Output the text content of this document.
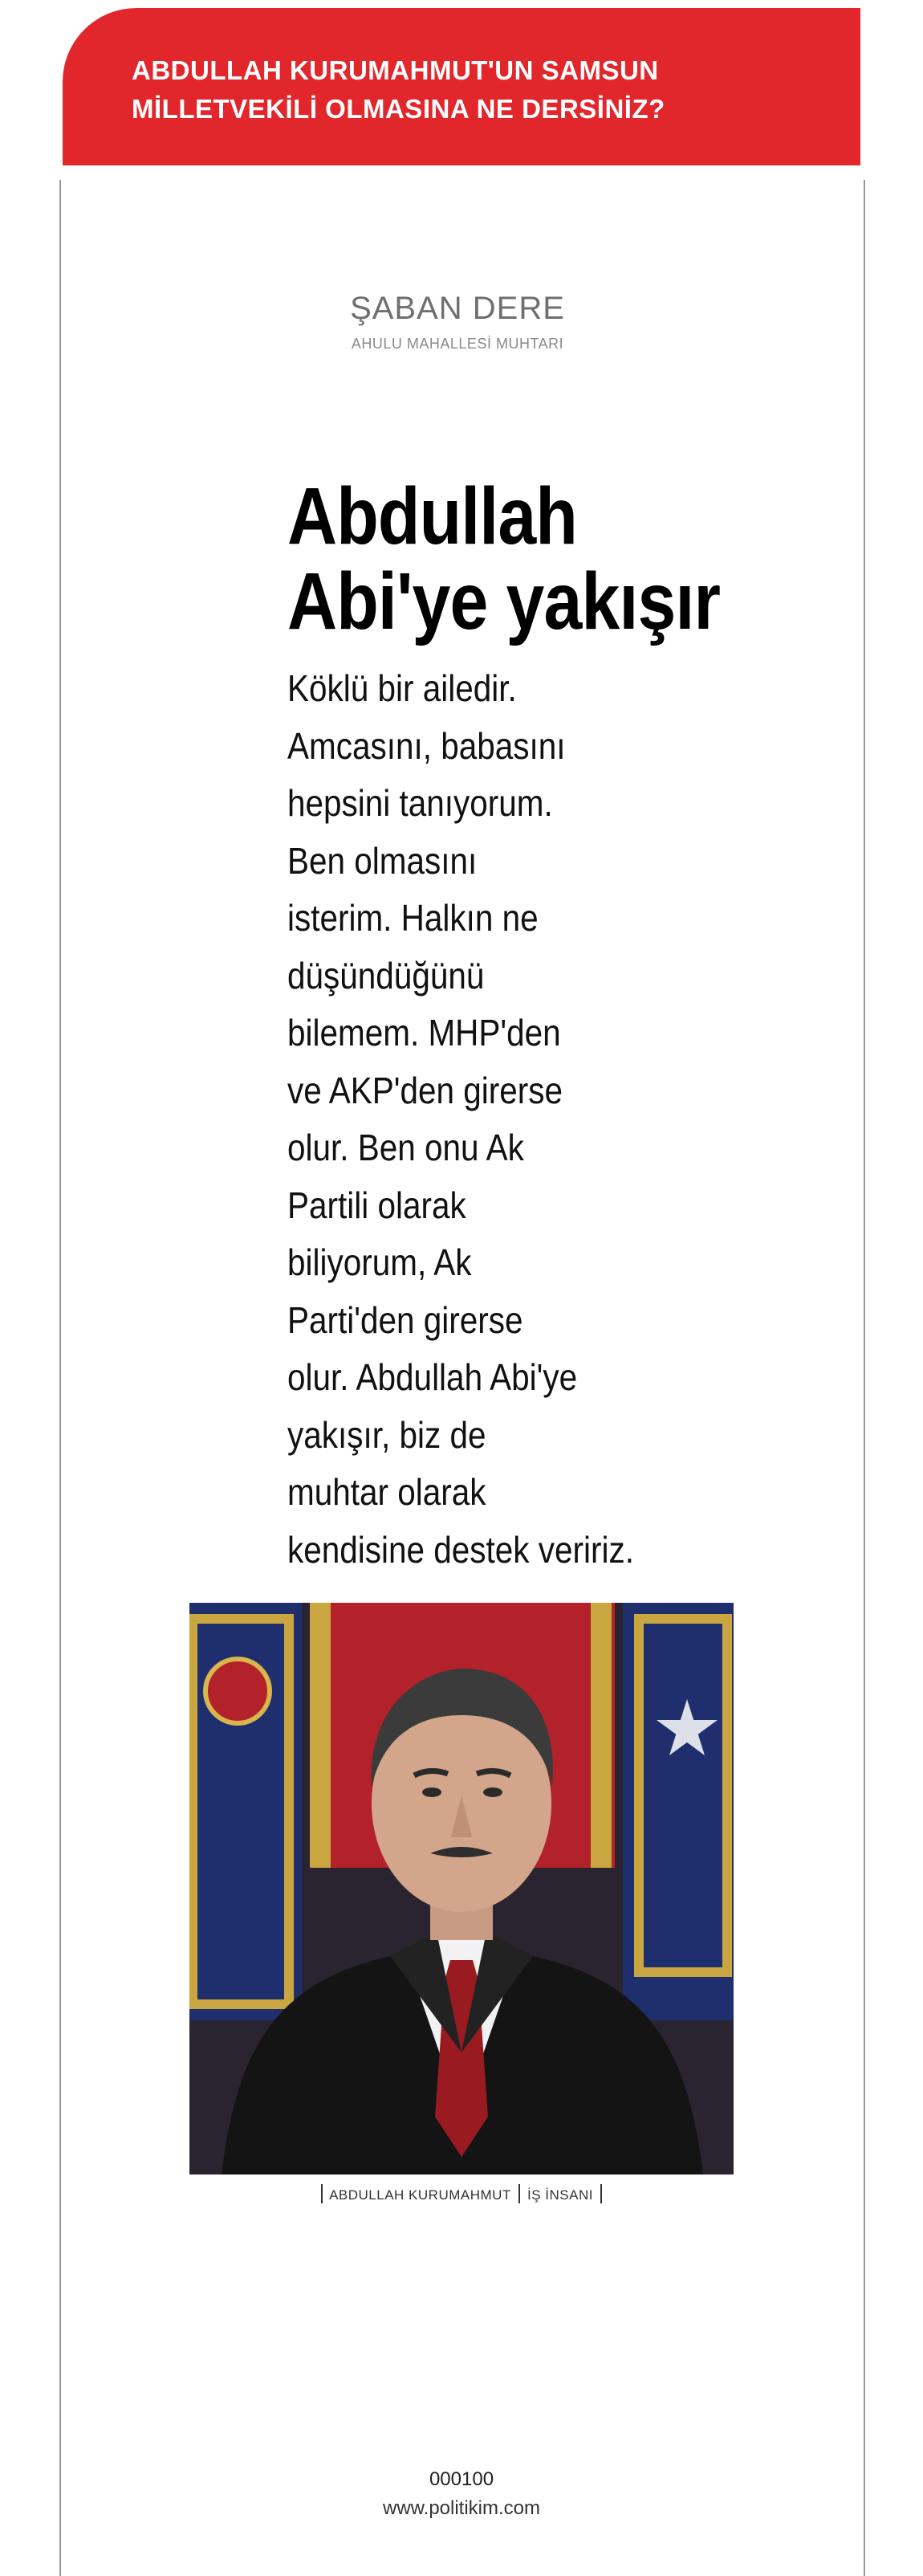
ABDULLAH KURUMAHMUT'UN SAMSUN
MİLLETVEKİLİ OLMASINA NE DERSİNİZ?
ŞABAN DERE
AHULU MAHALLESİ MUHTARI
Abdullah Abi'ye yakışır
Köklü bir ailedir.
Amcasını, babasını
hepsini tanıyorum.
Ben olmasını
isterim. Halkın ne
düşündüğünü
bilemem. MHP'den
ve AKP'den girerse
olur. Ben onu Ak
Partili olarak
biliyorum, Ak
Parti'den girerse
olur. Abdullah Abi'ye
yakışır, biz de
muhtar olarak
kendisine destek veririz.
ABDULLAH KURUMAHMUT İŞ İNSANI
000100
www.politikim.com
